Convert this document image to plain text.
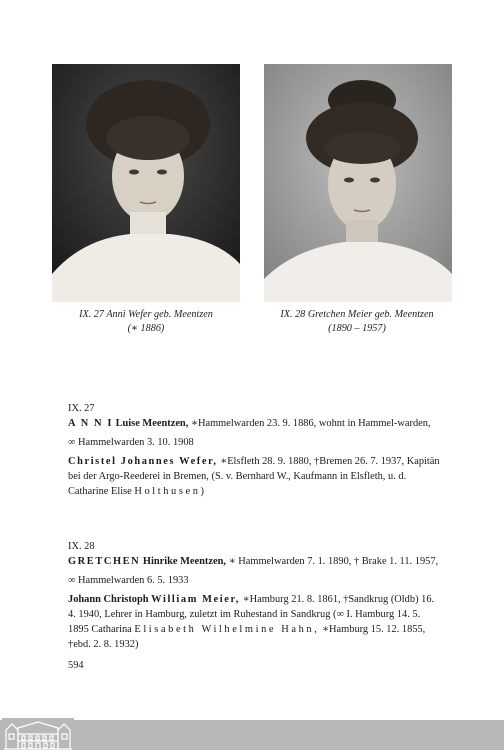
IX. 27 Anni Wefer geb. Meentzen
(∗ 1886)
IX. 28 Gretchen Meier geb. Meentzen
(1890 – 1957)
IX. 27

A N N I Luise Meentzen, ∗Hammelwarden 23. 9. 1886, wohnt in Hammel-warden,

∞ Hammelwarden 3. 10. 1908

Christel Johannes Wefer, ∗Elsfleth 28. 9. 1880, †Bremen 26. 7. 1937, Kapitän bei der Argo-Reederei in Bremen, (S. v. Bernhard W., Kaufmann in Elsfleth, u. d. Catharine Elise Holthusen)

IX. 28

GRETCHEN Hinrike Meentzen, ∗ Hammelwarden 7. 1. 1890, † Brake 1. 11. 1957,

∞ Hammelwarden 6. 5. 1933

Johann Christoph William Meier, ∗Hamburg 21. 8. 1861, †Sandkrug (Oldb) 16. 4. 1940, Lehrer in Hamburg, zuletzt im Ruhestand in Sandkrug (∞ I. Hamburg 14. 5. 1895 Catharina Elisabeth Wilhelmine Hahn, ∗Hamburg 15. 12. 1855, †ebd. 2. 8. 1932)

594
